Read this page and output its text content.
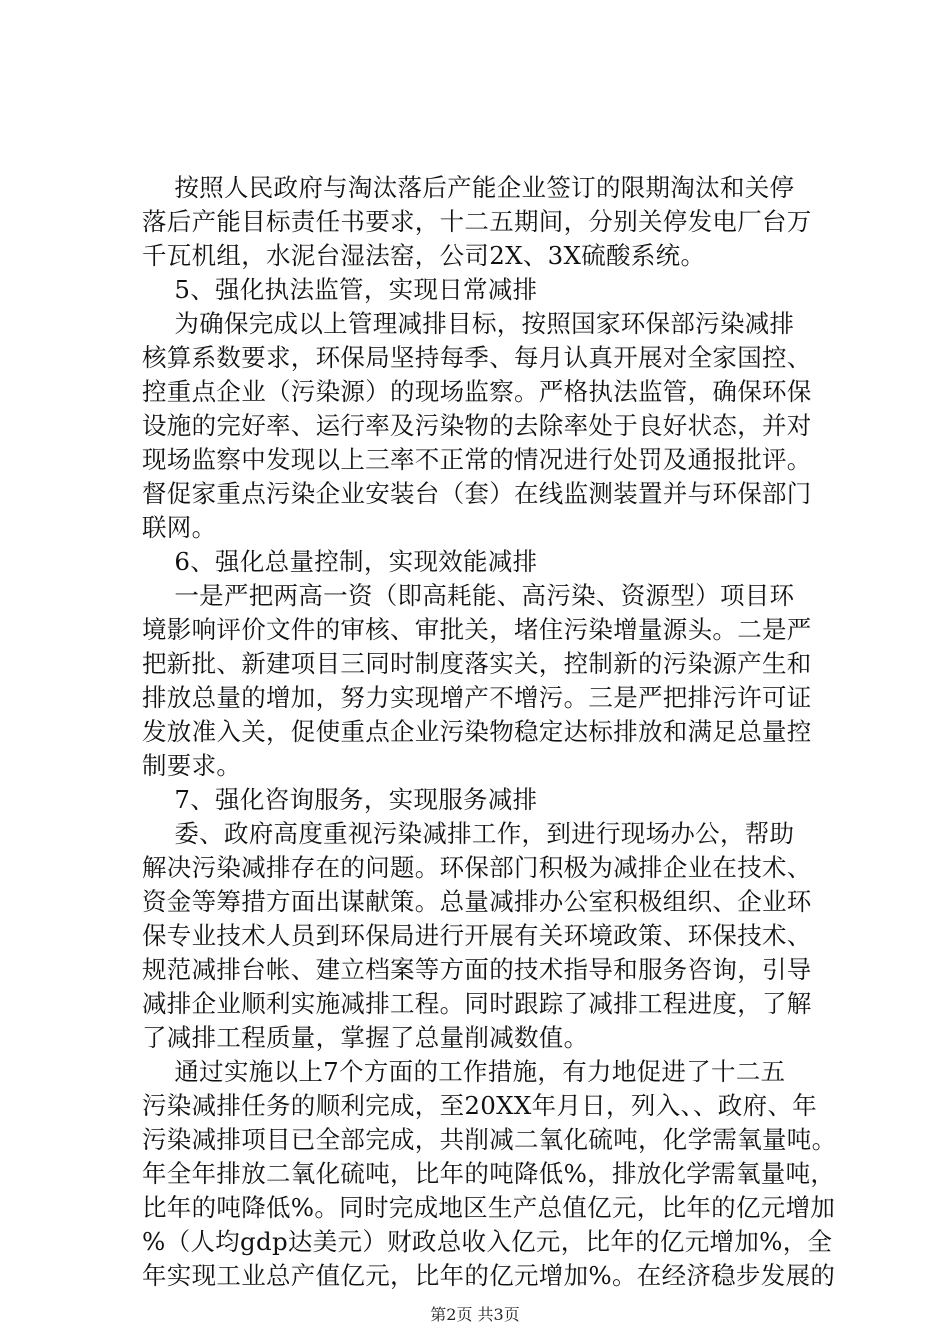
按照人民政府与淘汰落后产能企业签订的限期淘汰和关停
落后产能目标责任书要求，十二五期间，分别关停发电厂台万
千瓦机组，水泥台湿法窑，公司2X、3X硫酸系统。
5、强化执法监管，实现日常减排
为确保完成以上管理减排目标，按照国家环保部污染减排
核算系数要求，环保局坚持每季、每月认真开展对全家国控、
控重点企业（污染源）的现场监察。严格执法监管，确保环保
设施的完好率、运行率及污染物的去除率处于良好状态，并对
现场监察中发现以上三率不正常的情况进行处罚及通报批评。
督促家重点污染企业安装台（套）在线监测装置并与环保部门
联网。
6、强化总量控制，实现效能减排
一是严把两高一资（即高耗能、高污染、资源型）项目环
境影响评价文件的审核、审批关，堵住污染增量源头。二是严
把新批、新建项目三同时制度落实关，控制新的污染源产生和
排放总量的增加，努力实现增产不增污。三是严把排污许可证
发放准入关，促使重点企业污染物稳定达标排放和满足总量控
制要求。
7、强化咨询服务，实现服务减排
委、政府高度重视污染减排工作，到进行现场办公，帮助
解决污染减排存在的问题。环保部门积极为减排企业在技术、
资金等筹措方面出谋献策。总量减排办公室积极组织、企业环
保专业技术人员到环保局进行开展有关环境政策、环保技术、
规范减排台帐、建立档案等方面的技术指导和服务咨询，引导
减排企业顺利实施减排工程。同时跟踪了减排工程进度，了解
了减排工程质量，掌握了总量削减数值。
通过实施以上7个方面的工作措施，有力地促进了十二五
污染减排任务的顺利完成，至20XX年月日，列入、、政府、年
污染减排项目已全部完成，共削减二氧化硫吨，化学需氧量吨。
年全年排放二氧化硫吨，比年的吨降低%，排放化学需氧量吨，
比年的吨降低%。同时完成地区生产总值亿元，比年的亿元增加
%（人均gdp达美元）财政总收入亿元，比年的亿元增加%，全
年实现工业总产值亿元，比年的亿元增加%。在经济稳步发展的
第2页 共3页
